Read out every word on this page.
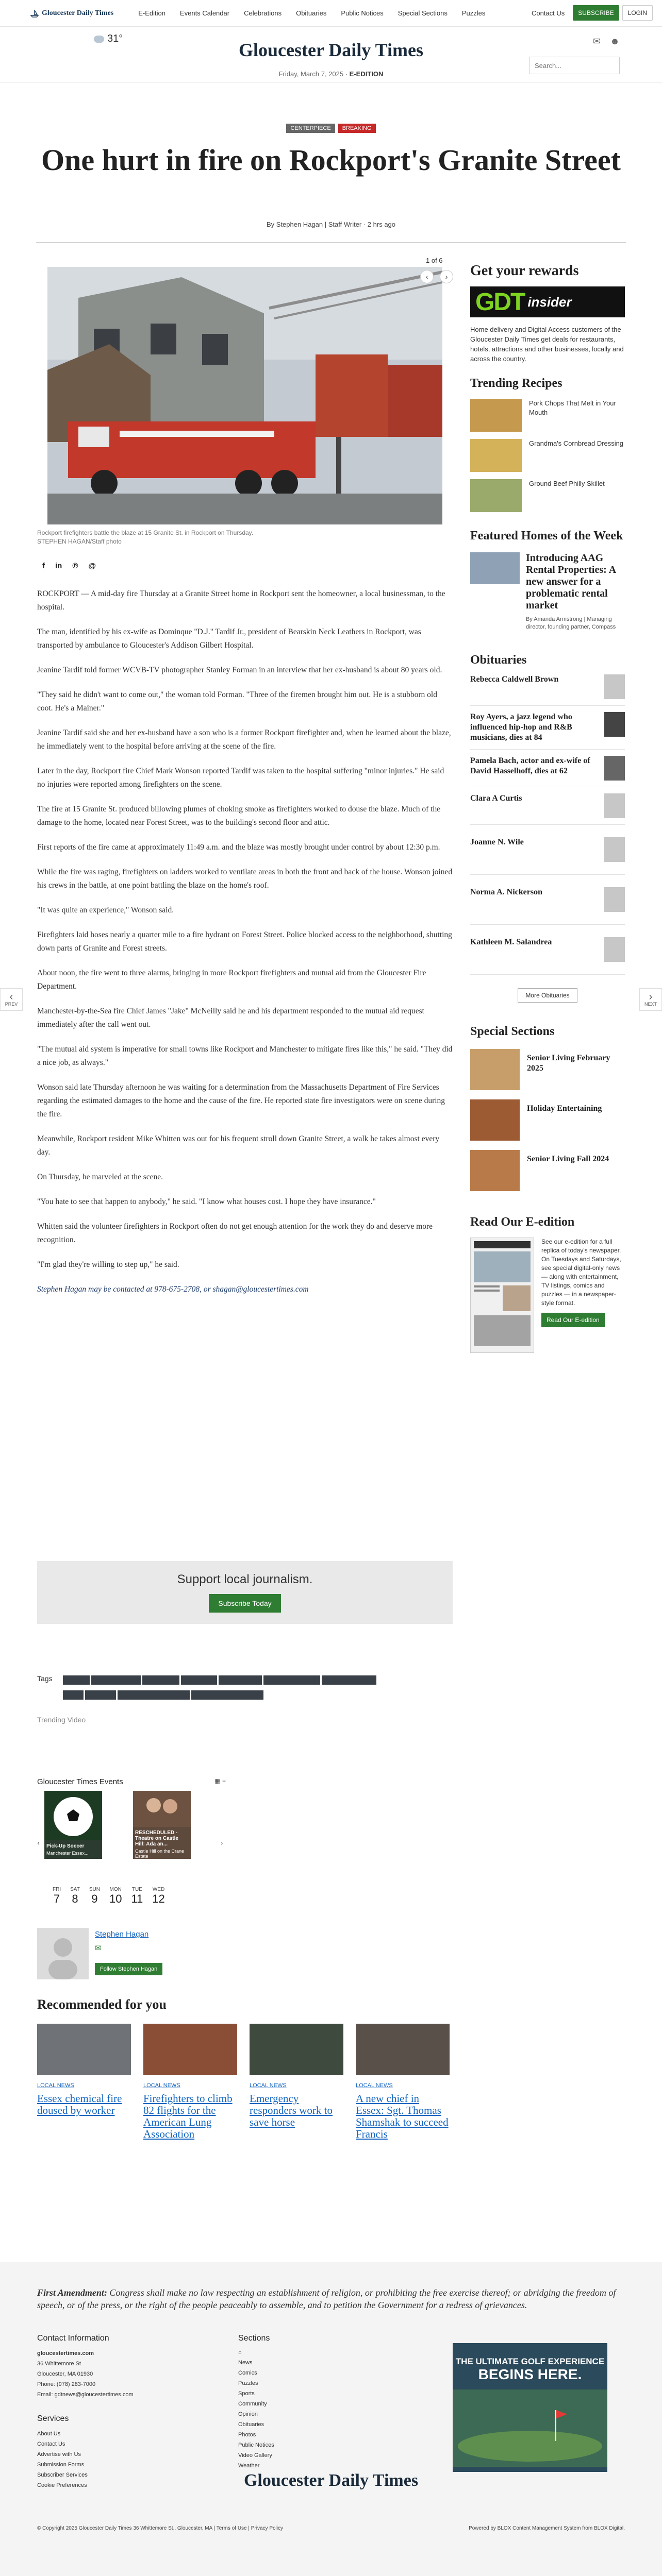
Gloucester Daily Times	E-Edition	Events Calendar	Celebrations	Obituaries	Public Notices	Special Sections	Puzzles	Contact Us	SUBSCRIBE	LOGIN
31°
Gloucester Daily Times
Friday, March 7, 2025 · E-EDITION
✉ ☻
Search...
CENTERPIECE	BREAKING
One hurt in fire on Rockport's Granite Street
By Stephen Hagan | Staff Writer · 2 hrs ago
1 of 6
‹	›
Rockport firefighters battle the blaze at 15 Granite St. in Rockport on Thursday.
STEPHEN HAGAN/Staff photo
f in ℗ @

ROCKPORT — A mid-day fire Thursday at a Granite Street home in Rockport sent the homeowner, a local businessman, to the hospital.

The man, identified by his ex-wife as Dominque "D.J." Tardif Jr., president of Bearskin Neck Leathers in Rockport, was transported by ambulance to Gloucester's Addison Gilbert Hospital.

Jeanine Tardif told former WCVB-TV photographer Stanley Forman in an interview that her ex-husband is about 80 years old.

"They said he didn't want to come out," the woman told Forman. "Three of the firemen brought him out. He is a stubborn old coot. He's a Mainer."

Jeanine Tardif said she and her ex-husband have a son who is a former Rockport firefighter and, when he learned about the blaze, he immediately went to the hospital before arriving at the scene of the fire.

Later in the day, Rockport fire Chief Mark Wonson reported Tardif was taken to the hospital suffering "minor injuries." He said no injuries were reported among firefighters on the scene.

The fire at 15 Granite St. produced billowing plumes of choking smoke as firefighters worked to douse the blaze. Much of the damage to the home, located near Forest Street, was to the building's second floor and attic.

First reports of the fire came at approximately 11:49 a.m. and the blaze was mostly brought under control by about 12:30 p.m.

While the fire was raging, firefighters on ladders worked to ventilate areas in both the front and back of the house. Wonson joined his crews in the battle, at one point battling the blaze on the home's roof.

"It was quite an experience," Wonson said.

Firefighters laid hoses nearly a quarter mile to a fire hydrant on Forest Street. Police blocked access to the neighborhood, shutting down parts of Granite and Forest streets.

About noon, the fire went to three alarms, bringing in more Rockport firefighters and mutual aid from the Gloucester Fire Department.

Manchester-by-the-Sea fire Chief James "Jake" McNeilly said he and his department responded to the mutual aid request immediately after the call went out.

"The mutual aid system is imperative for small towns like Rockport and Manchester to mitigate fires like this," he said. "They did a nice job, as always."

Wonson said late Thursday afternoon he was waiting for a determination from the Massachusetts Department of Fire Services regarding the estimated damages to the home and the cause of the fire. He reported state fire investigators were on scene during the fire.

Meanwhile, Rockport resident Mike Whitten was out for his frequent stroll down Granite Street, a walk he takes almost every day.

On Thursday, he marveled at the scene.

"You hate to see that happen to anybody," he said. "I know what houses cost. I hope they have insurance."

Whitten said the volunteer firefighters in Rockport often do not get enough attention for the work they do and deserve more recognition.

"I'm glad they're willing to step up," he said.

Stephen Hagan may be contacted at 978-675-2708, or shagan@gloucestertimes.com

Support local journalism.
Subscribe Today
Tags

Trending Video
Gloucester Times Events	▦ +
Pick-Up Soccer
Manchester Essex...
RESCHEDULED - Theatre on Castle Hill: Ada an...
Castle Hill on the Crane Estate
‹	›
FRI
7
SAT
8
SUN
9
MON
10
TUE
11
WED
12
Stephen Hagan
✉
Follow Stephen Hagan
Recommended for you
LOCAL NEWS
Essex chemical fire doused by worker
LOCAL NEWS
Firefighters to climb 82 flights for the American Lung Association
LOCAL NEWS
Emergency responders work to save horse
LOCAL NEWS
A new chief in Essex: Sgt. Thomas Shamshak to succeed Francis
Get your rewards
GDT insider
Home delivery and Digital Access customers of the Gloucester Daily Times get deals for restaurants, hotels, attractions and other businesses, locally and across the country.
Trending Recipes
Pork Chops That Melt in Your Mouth
Grandma's Cornbread Dressing
Ground Beef Philly Skillet
Featured Homes of the Week
Introducing AAG Rental Properties: A new answer for a problematic rental market
By Amanda Armstrong | Managing director, founding partner, Compass
Obituaries
Rebecca Caldwell Brown
Roy Ayers, a jazz legend who influenced hip-hop and R&B musicians, dies at 84
Pamela Bach, actor and ex-wife of David Hasselhoff, dies at 62
Clara A Curtis
Joanne N. Wile
Norma A. Nickerson
Kathleen M. Salandrea
More Obituaries
Special Sections
Senior Living February 2025
Holiday Entertaining
Senior Living Fall 2024
Read Our E-edition
See our e-edition for a full replica of today's newspaper. On Tuesdays and Saturdays, see special digital-only news — along with entertainment, TV listings, comics and puzzles — in a newspaper-style format.
Read Our E-edition
‹
PREV
›
NEXT
First Amendment: Congress shall make no law respecting an establishment of religion, or prohibiting the free exercise thereof; or abridging the freedom of speech, or of the press, or the right of the people peaceably to assemble, and to petition the Government for a redress of grievances.
Contact Information
gloucestertimes.com
36 Whittemore St
Gloucester, MA 01930
Phone: (978) 283-7000
Email: gdtnews@gloucestertimes.com
Sections
⌂
News
Comics
Puzzles
Sports
Community
Opinion
Obituaries
Photos
Public Notices
Video Gallery
Weather
Services
About Us
Contact Us
Advertise with Us
Submission Forms
Subscriber Services
Cookie Preferences
THE ULTIMATE GOLF EXPERIENCE
BEGINS HERE.
Gloucester Daily Times
© Copyright 2025 Gloucester Daily Times 36 Whittemore St., Gloucester, MA | Terms of Use | Privacy Policy	Powered by BLOX Content Management System from BLOX Digital.
